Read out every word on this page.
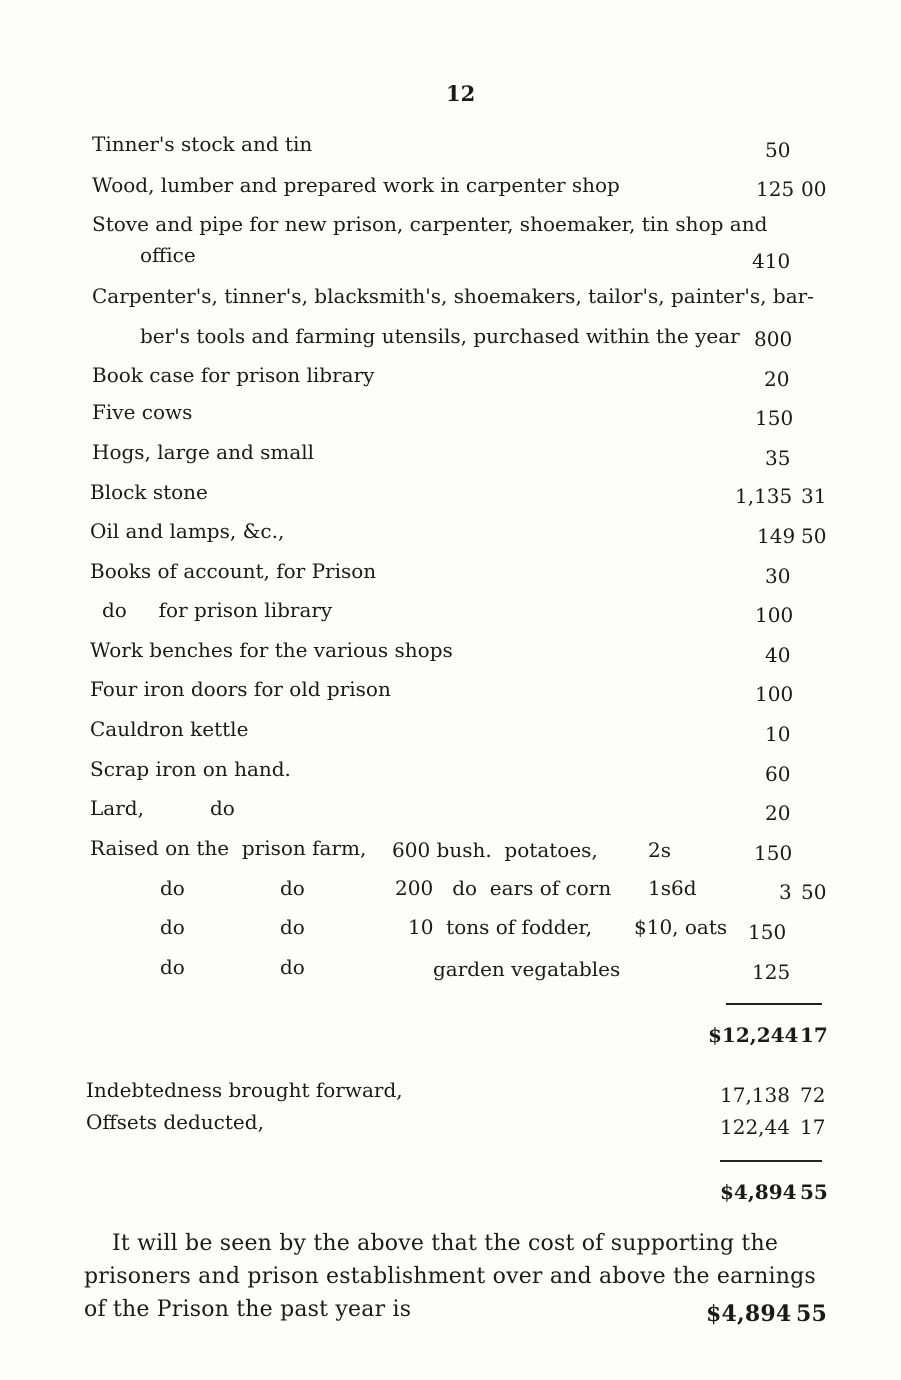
12
Tinner's stock and tin	50
Wood, lumber and prepared work in carpenter shop	125 00
Stove and pipe for new prison, carpenter, shoemaker, tin shop and
office	410
Carpenter's, tinner's, blacksmith's, shoemakers, tailor's, painter's, bar-
ber's tools and farming utensils, purchased within the year 800
Book case for prison library	20
Five cows	150
Hogs, large and small	35
Block stone	1,135 31
Oil and lamps, &c.,	149 50
Books of account, for Prison	30
do     for prison library	100
Work benches for the various shops	40
Four iron doors for old prison	100
Cauldron kettle	10
Scrap iron on hand.	60
Lard,	do	20
Raised on the  prison farm, 600 bush.  potatoes,	2s	150
do	do	200   do  ears of corn 1s6d	3 50
do	do	10  tons of fodder, $10, oats 150
do	do	garden vegatables	125
$12,244 17
Indebtedness brought forward,	17,138 72
Offsets deducted,	122,44 17
$4,894 55
It will be seen by the above that the cost of supporting the
prisoners and prison establishment over and above the earnings
of the Prison the past year is	$4,894 55
